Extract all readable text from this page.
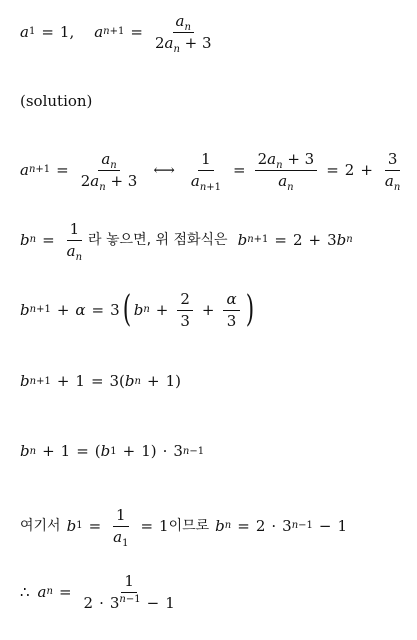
a 1 = 1, a $n+1 = \frac{a_n}{2a_n + 3}$
(solution)
a $n+1 = \frac{a_n}{2a_n + 3}$ ⟷ $\frac{1}{a_{n+1}} = \frac{2a_n + 3}{a_n} = 2 + \frac{3}{a_n}$
b $n = \frac{1}{a_n}$ 라 놓으면, 위 점화식은 b n+1 = 2 + 3 b n
b n+1 + α = 3 ( b $n + \frac{2}{3} + \frac{\alpha}{3}$ )
b n+1 + 1 = 3( b n + 1)
b n + 1 = ( b 1 + 1) · 3 n−1
여기서 b $1 = \frac{1}{a_1} = 1$ 이므로 b n = 2 · 3 n−1 − 1
∴ a $n = \frac{1}{2 \cdot 3^{n-1} - 1}$
